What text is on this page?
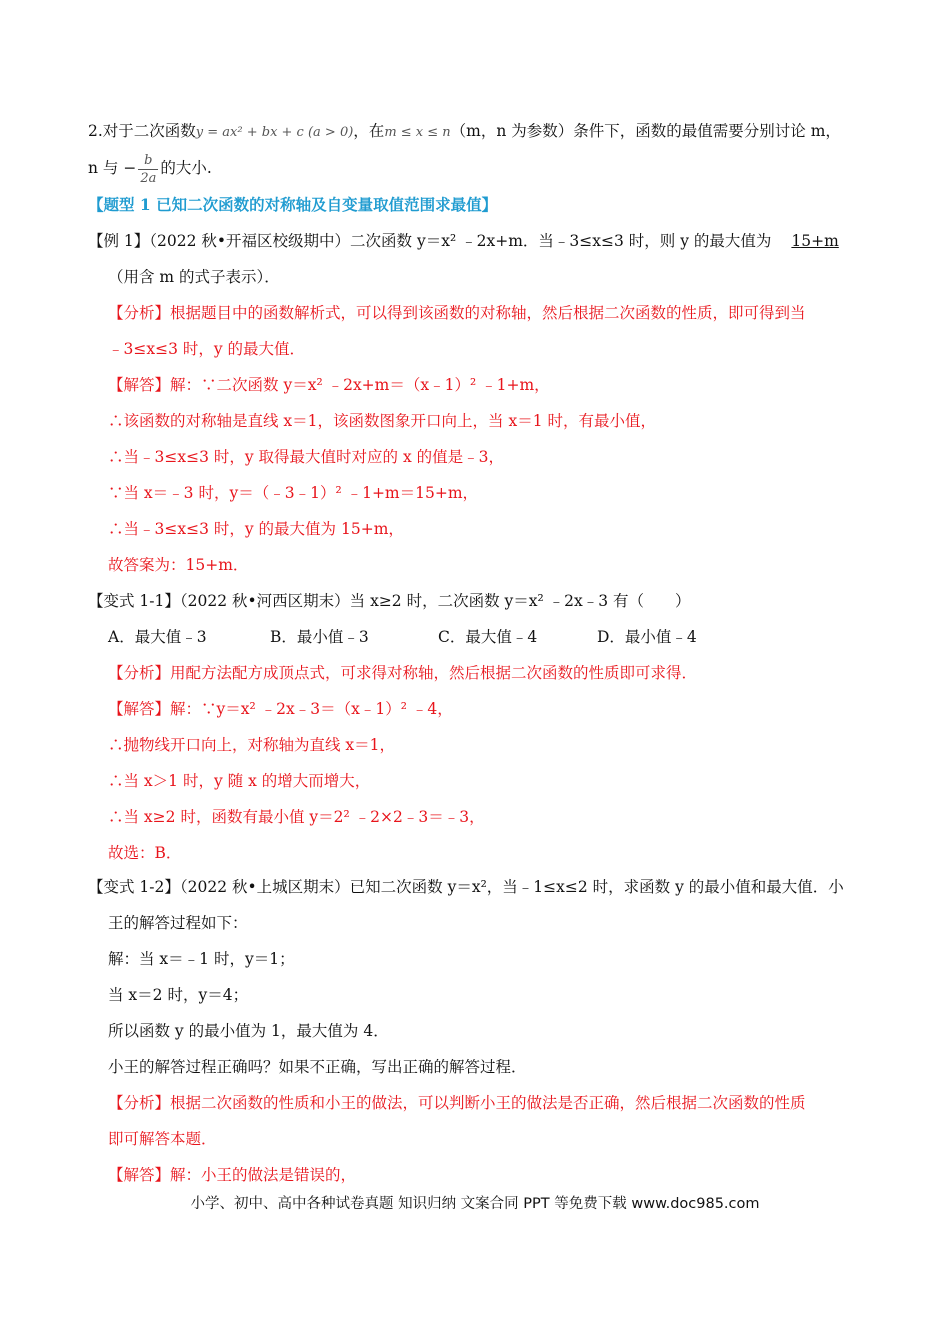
2.对于二次函数y = ax² + bx + c (a > 0)，在m ≤ x ≤ n（m，n 为参数）条件下，函数的最值需要分别讨论 m，
n 与 − $\frac{b}{2a}$ 的大小.
【题型 1 已知二次函数的对称轴及自变量取值范围求最值】
【例 1】（2022 秋•开福区校级期中）二次函数 y＝x² ﹣2x+m．当﹣3≤x≤3 时，则 y 的最大值为 15+m
（用含 m 的式子表示）．
【分析】根据题目中的函数解析式，可以得到该函数的对称轴，然后根据二次函数的性质，即可得到当
﹣3≤x≤3 时，y 的最大值．
【解答】解：∵二次函数 y＝x² ﹣2x+m＝（x﹣1）² ﹣1+m，
∴该函数的对称轴是直线 x＝1，该函数图象开口向上，当 x＝1 时，有最小值，
∴当﹣3≤x≤3 时，y 取得最大值时对应的 x 的值是﹣3，
∵当 x＝﹣3 时，y＝（﹣3﹣1）² ﹣1+m＝15+m，
∴当﹣3≤x≤3 时，y 的最大值为 15+m，
故答案为：15+m．
【变式 1-1】（2022 秋•河西区期末）当 x≥2 时，二次函数 y＝x² ﹣2x﹣3 有（　　）
A．最大值﹣3	B．最小值﹣3	C．最大值﹣4	D．最小值﹣4
【分析】用配方法配方成顶点式，可求得对称轴，然后根据二次函数的性质即可求得．
【解答】解：∵y＝x² ﹣2x﹣3＝（x﹣1）² ﹣4，
∴抛物线开口向上，对称轴为直线 x＝1，
∴当 x＞1 时，y 随 x 的增大而增大，
∴当 x≥2 时，函数有最小值 y＝2² ﹣2×2﹣3＝﹣3，
故选：B．
【变式 1-2】（2022 秋•上城区期末）已知二次函数 y＝x²，当﹣1≤x≤2 时，求函数 y 的最小值和最大值．小
王的解答过程如下：
解：当 x＝﹣1 时，y＝1；
当 x＝2 时，y＝4；
所以函数 y 的最小值为 1，最大值为 4．
小王的解答过程正确吗？如果不正确，写出正确的解答过程．
【分析】根据二次函数的性质和小王的做法，可以判断小王的做法是否正确，然后根据二次函数的性质
即可解答本题．
【解答】解：小王的做法是错误的，
小学、初中、高中各种试卷真题 知识归纳 文案合同 PPT 等免费下载 www.doc985.com
